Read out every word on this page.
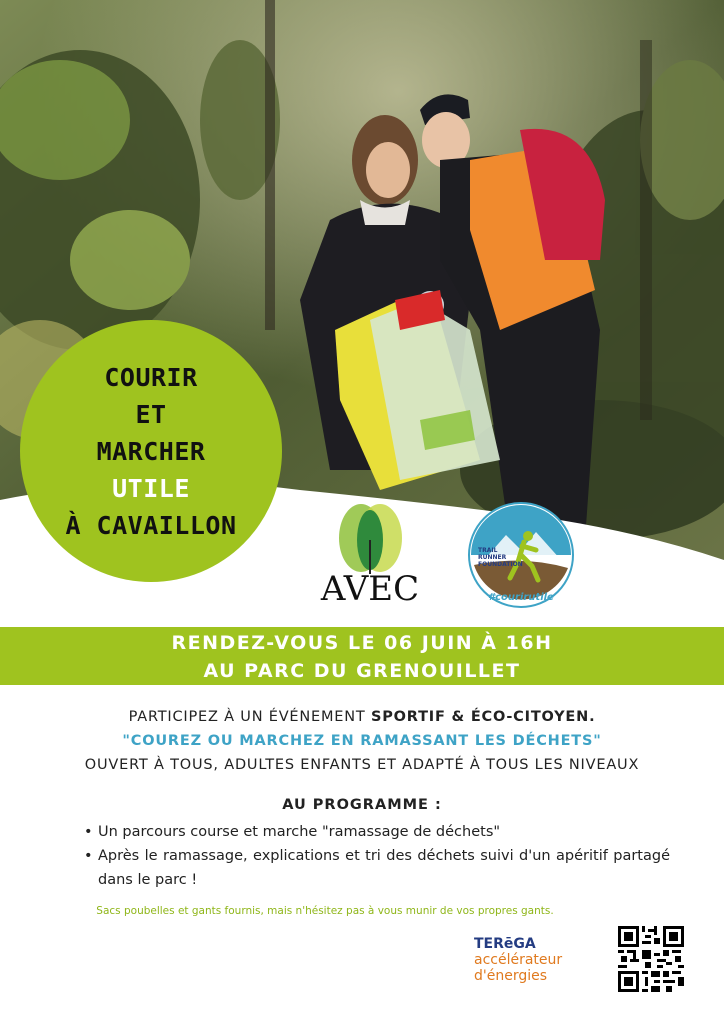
COURIR
ET
MARCHER
UTILE
À CAVAILLON
AVEC
TRAIL
RUNNER
FOUNDATION
#courirutile
RENDEZ-VOUS LE 06 JUIN À 16H
AU PARC DU GRENOUILLET
PARTICIPEZ À UN ÉVÉNEMENT SPORTIF & ÉCO-CITOYEN.
"COUREZ OU MARCHEZ EN RAMASSANT LES DÉCHETS"
OUVERT À TOUS, ADULTES ENFANTS ET ADAPTÉ À TOUS LES NIVEAUX
AU PROGRAMME :
• Un parcours course et marche "ramassage de déchets"
• Après le ramassage, explications et tri des déchets suivi d'un apéritif partagé dans le parc !
Sacs poubelles et gants fournis, mais n'hésitez pas à vous munir de vos propres gants.
TERēGA
accélérateur
d'énergies
